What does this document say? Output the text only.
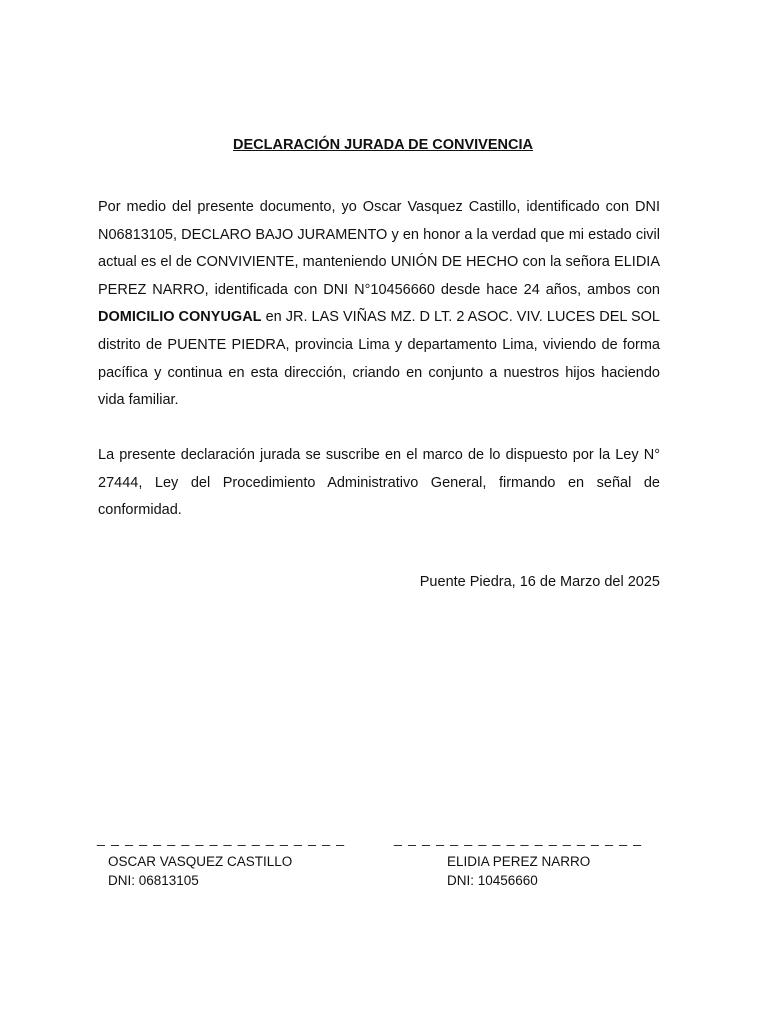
DECLARACIÓN JURADA DE CONVIVENCIA

Por medio del presente documento, yo Oscar Vasquez Castillo, identificado con DNI N06813105, DECLARO BAJO JURAMENTO y en honor a la verdad que mi estado civil actual es el de CONVIVIENTE, manteniendo UNIÓN DE HECHO con la señora ELIDIA PEREZ NARRO, identificada con DNI N°10456660 desde hace 24 años, ambos con DOMICILIO CONYUGAL en JR. LAS VIÑAS MZ. D LT. 2 ASOC. VIV. LUCES DEL SOL distrito de PUENTE PIEDRA, provincia Lima y departamento Lima, viviendo de forma pacífica y continua en esta dirección, criando en conjunto a nuestros hijos haciendo vida familiar.

La presente declaración jurada se suscribe en el marco de lo dispuesto por la Ley N° 27444, Ley del Procedimiento Administrativo General, firmando en señal de conformidad.

Puente Piedra, 16 de Marzo del 2025

_ _ _ _ _ _ _ _ _ _ _ _ _ _ _ _ _ _	_ _ _ _ _ _ _ _ _ _ _ _ _ _ _ _ _ _
OSCAR VASQUEZ CASTILLO
DNI: 06813105
ELIDIA PEREZ NARRO
DNI: 10456660
